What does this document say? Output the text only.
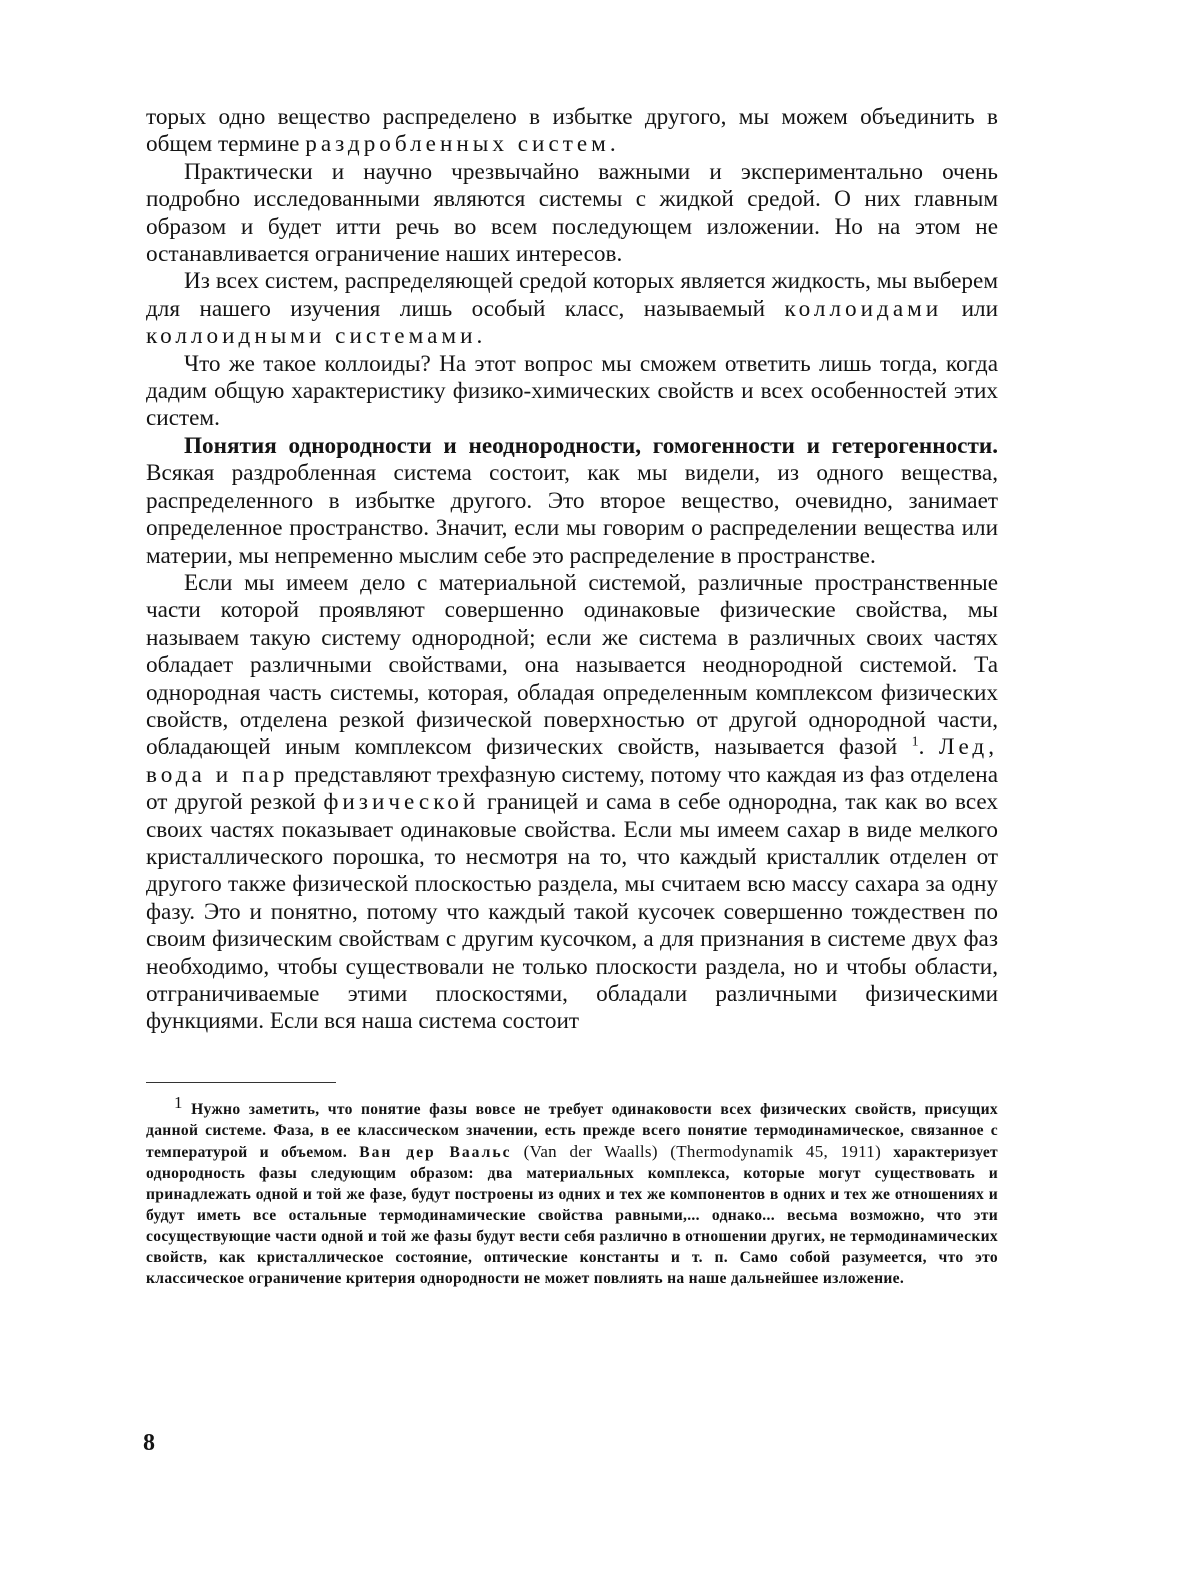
торых одно вещество распределено в избытке другого, мы можем объединить в общем термине раздробленных систем.

Практически и научно чрезвычайно важными и экспериментально очень подробно исследованными являются системы с жидкой средой. О них главным образом и будет итти речь во всем последующем изложении. Но на этом не останавливается ограничение наших интересов.

Из всех систем, распределяющей средой которых является жидкость, мы выберем для нашего изучения лишь особый класс, называемый коллоидами или коллоидными системами.

Что же такое коллоиды? На этот вопрос мы сможем ответить лишь тогда, когда дадим общую характеристику физико-химических свойств и всех особенностей этих систем.

Понятия однородности и неоднородности, гомогенности и гетерогенности. Всякая раздробленная система состоит, как мы видели, из одного вещества, распределенного в избытке другого. Это второе вещество, очевидно, занимает определенное пространство. Значит, если мы говорим о распределении вещества или материи, мы непременно мыслим себе это распределение в пространстве.

Если мы имеем дело с материальной системой, различные пространственные части которой проявляют совершенно одинаковые физические свойства, мы называем такую систему однородной; если же система в различных своих частях обладает различными свойствами, она называется неоднородной системой. Та однородная часть системы, которая, обладая определенным комплексом физических свойств, отделена резкой физической поверхностью от другой однородной части, обладающей иным комплексом физических свойств, называется фазой $^1$. Лед, вода и пар представляют трехфазную систему, потому что каждая из фаз отделена от другой резкой физической границей и сама в себе однородна, так как во всех своих частях показывает одинаковые свойства. Если мы имеем сахар в виде мелкого кристаллического порошка, то несмотря на то, что каждый кристаллик отделен от другого также физической плоскостью раздела, мы считаем всю массу сахара за одну фазу. Это и понятно, потому что каждый такой кусочек совершенно тождествен по своим физическим свойствам с другим кусочком, а для признания в системе двух фаз необходимо, чтобы существовали не только плоскости раздела, но и чтобы области, отграничиваемые этими плоскостями, обладали различными физическими функциями. Если вся наша система состоит

$^1$ Нужно заметить, что понятие фазы вовсе не требует одинаковости всех физических свойств, присущих данной системе. Фаза, в ее классическом значении, есть прежде всего понятие термодинамическое, связанное с температурой и объемом. Ван дер Ваальс (Van der Waalls) (Thermodynamik 45, 1911) характеризует однородность фазы следующим образом: два материальных комплекса, которые могут существовать и принадлежать одной и той же фазе, будут построены из одних и тех же компонентов в одних и тех же отношениях и будут иметь все остальные термодинамические свойства равными,... однако... весьма возможно, что эти сосуществующие части одной и той же фазы будут вести себя различно в отношении других, не термодинамических свойств, как кристаллическое состояние, оптические константы и т. п. Само собой разумеется, что это классическое ограничение критерия однородности не может повлиять на наше дальнейшее изложение.

8
